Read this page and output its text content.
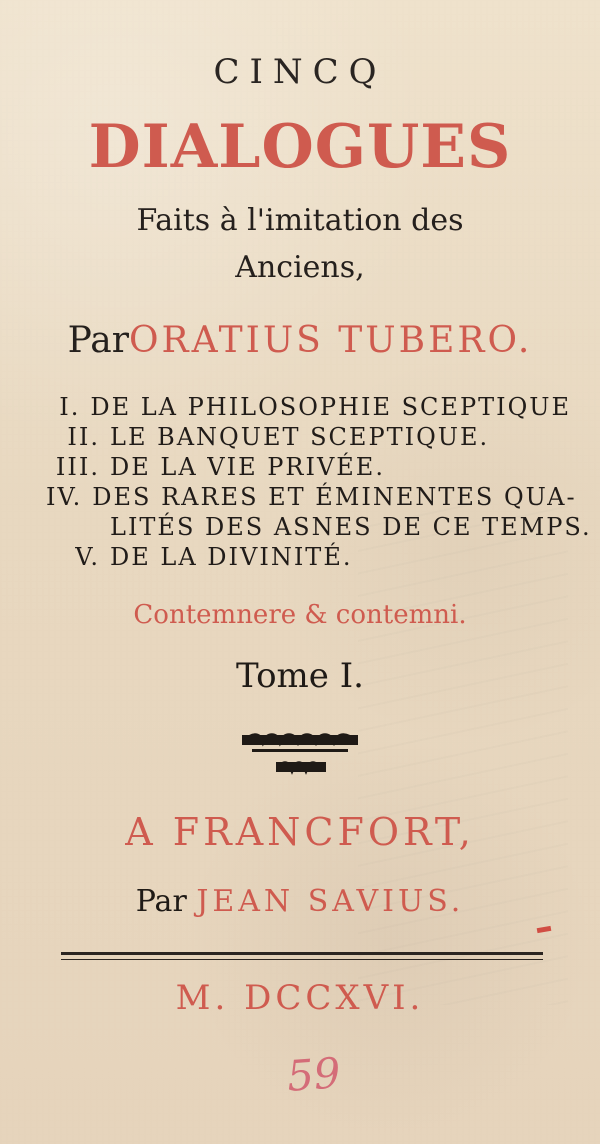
CINCQ
DIALOGUES
Faits à l'imitation des
Anciens,
ParORATIUS TUBERO.
I. DE LA PHILOSOPHIE SCEPTIQUE
II. LE BANQUET SCEPTIQUE.
III. DE LA VIE PRIVÉE.
IV. DES RARES ET ÉMINENTES QUA-
LITÉS DES ASNES DE CE TEMPS.
V. DE LA DIVINITÉ.
Contemnere & contemni.
Tome I.
A FRANCFORT,
Par JEAN SAVIUS.
M. DCCXVI.
59
